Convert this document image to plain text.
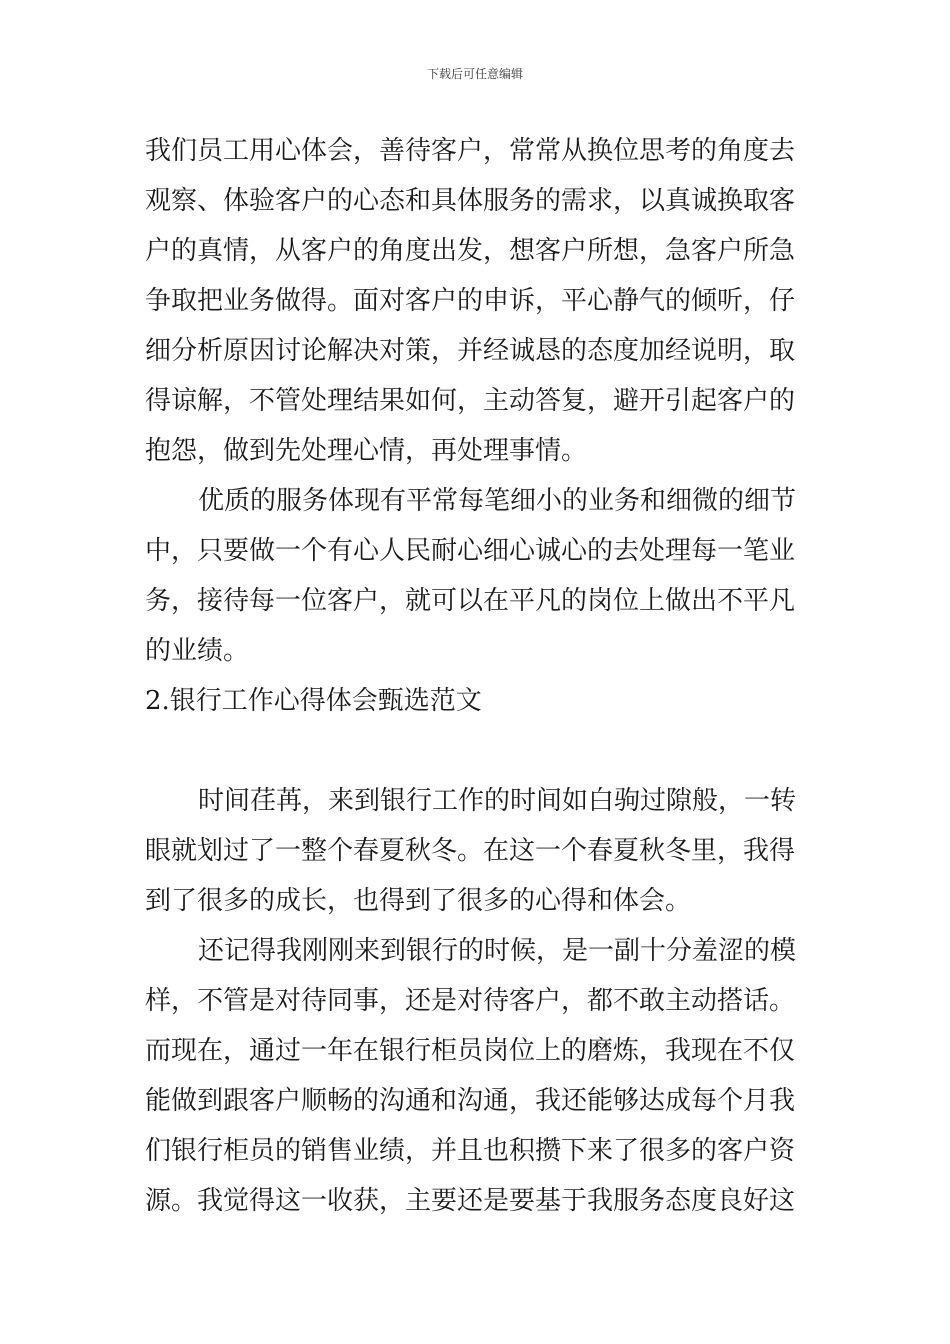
下载后可任意编辑
我们员工用心体会，善待客户，常常从换位思考的角度去
观察、体验客户的心态和具体服务的需求，以真诚换取客
户的真情，从客户的角度出发，想客户所想，急客户所急
争取把业务做得。面对客户的申诉，平心静气的倾听，仔
细分析原因讨论解决对策，并经诚恳的态度加经说明，取
得谅解，不管处理结果如何，主动答复，避开引起客户的
抱怨，做到先处理心情，再处理事情。
优质的服务体现有平常每笔细小的业务和细微的细节
中，只要做一个有心人民耐心细心诚心的去处理每一笔业
务，接待每一位客户，就可以在平凡的岗位上做出不平凡
的业绩。
2.银行工作心得体会甄选范文
时间荏苒，来到银行工作的时间如白驹过隙般，一转
眼就划过了一整个春夏秋冬。在这一个春夏秋冬里，我得
到了很多的成长，也得到了很多的心得和体会。
还记得我刚刚来到银行的时候，是一副十分羞涩的模
样，不管是对待同事，还是对待客户，都不敢主动搭话。
而现在，通过一年在银行柜员岗位上的磨炼，我现在不仅
能做到跟客户顺畅的沟通和沟通，我还能够达成每个月我
们银行柜员的销售业绩，并且也积攒下来了很多的客户资
源。我觉得这一收获，主要还是要基于我服务态度良好这
